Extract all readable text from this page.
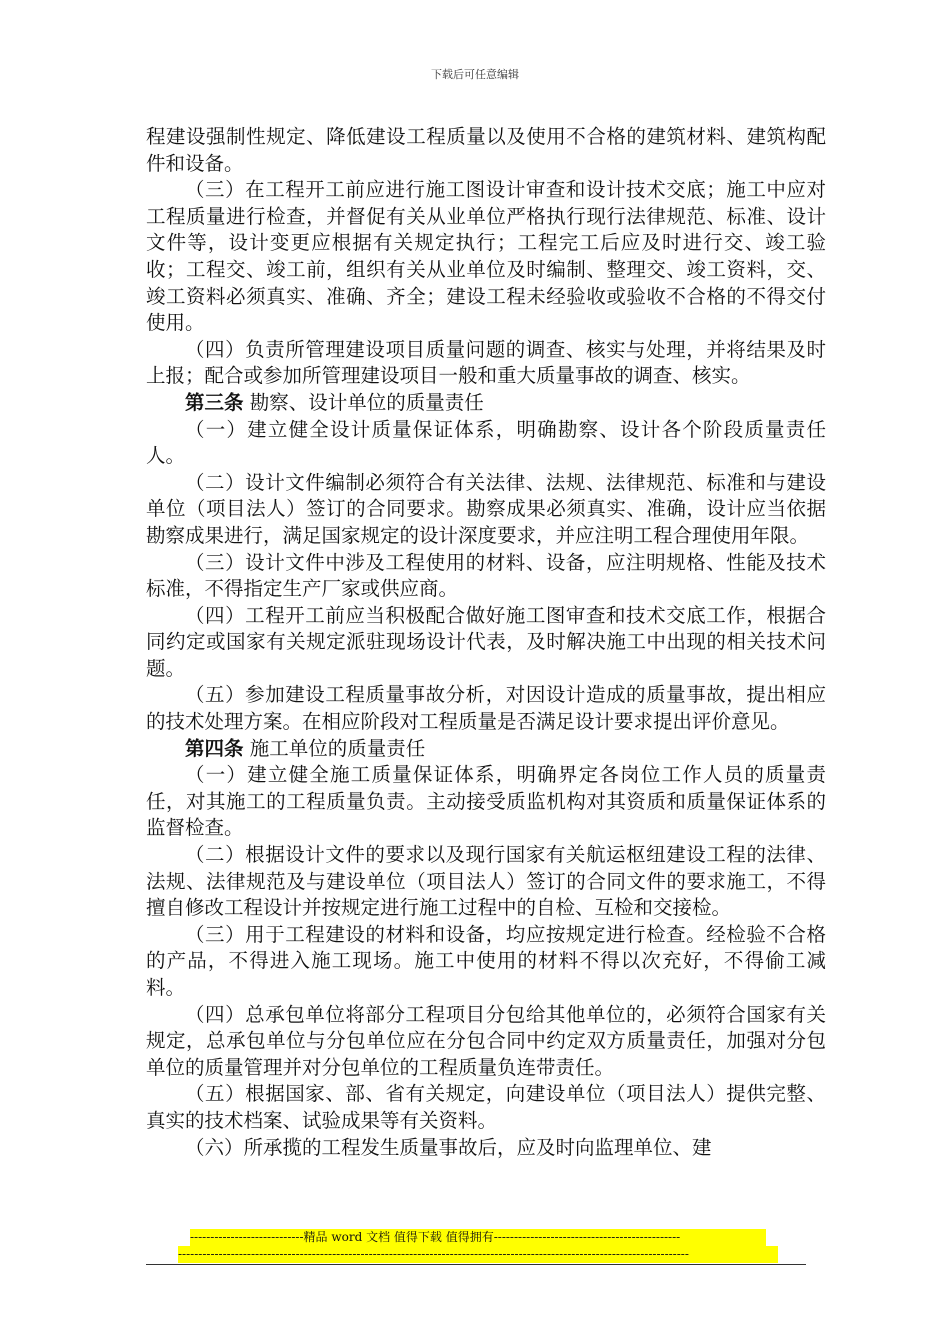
下载后可任意编辑

程建设强制性规定、降低建设工程质量以及使用不合格的建筑材料、建筑构配件和设备。

（三）在工程开工前应进行施工图设计审查和设计技术交底；施工中应对工程质量进行检查，并督促有关从业单位严格执行现行法律规范、标准、设计文件等，设计变更应根据有关规定执行；工程完工后应及时进行交、竣工验收；工程交、竣工前，组织有关从业单位及时编制、整理交、竣工资料，交、竣工资料必须真实、准确、齐全；建设工程未经验收或验收不合格的不得交付使用。

（四）负责所管理建设项目质量问题的调查、核实与处理，并将结果及时上报；配合或参加所管理建设项目一般和重大质量事故的调查、核实。

第三条 勘察、设计单位的质量责任

（一）建立健全设计质量保证体系，明确勘察、设计各个阶段质量责任人。

（二）设计文件编制必须符合有关法律、法规、法律规范、标准和与建设单位（项目法人）签订的合同要求。勘察成果必须真实、准确，设计应当依据勘察成果进行，满足国家规定的设计深度要求，并应注明工程合理使用年限。

（三）设计文件中涉及工程使用的材料、设备，应注明规格、性能及技术标准，不得指定生产厂家或供应商。

（四）工程开工前应当积极配合做好施工图审查和技术交底工作，根据合同约定或国家有关规定派驻现场设计代表，及时解决施工中出现的相关技术问题。

（五）参加建设工程质量事故分析，对因设计造成的质量事故，提出相应的技术处理方案。在相应阶段对工程质量是否满足设计要求提出评价意见。

第四条 施工单位的质量责任

（一）建立健全施工质量保证体系，明确界定各岗位工作人员的质量责任，对其施工的工程质量负责。主动接受质监机构对其资质和质量保证体系的监督检查。

（二）根据设计文件的要求以及现行国家有关航运枢纽建设工程的法律、法规、法律规范及与建设单位（项目法人）签订的合同文件的要求施工，不得擅自修改工程设计并按规定进行施工过程中的自检、互检和交接检。

（三）用于工程建设的材料和设备，均应按规定进行检查。经检验不合格的产品，不得进入施工现场。施工中使用的材料不得以次充好，不得偷工减料。

（四）总承包单位将部分工程项目分包给其他单位的，必须符合国家有关规定，总承包单位与分包单位应在分包合同中约定双方质量责任，加强对分包单位的质量管理并对分包单位的工程质量负连带责任。

（五）根据国家、部、省有关规定，向建设单位（项目法人）提供完整、真实的技术档案、试验成果等有关资料。

（六）所承揽的工程发生质量事故后，应及时向监理单位、建

----------------------------精品 word 文档 值得下载 值得拥有----------------------------------------------
------------------------------------------------------------------------------------------------------------------------------
